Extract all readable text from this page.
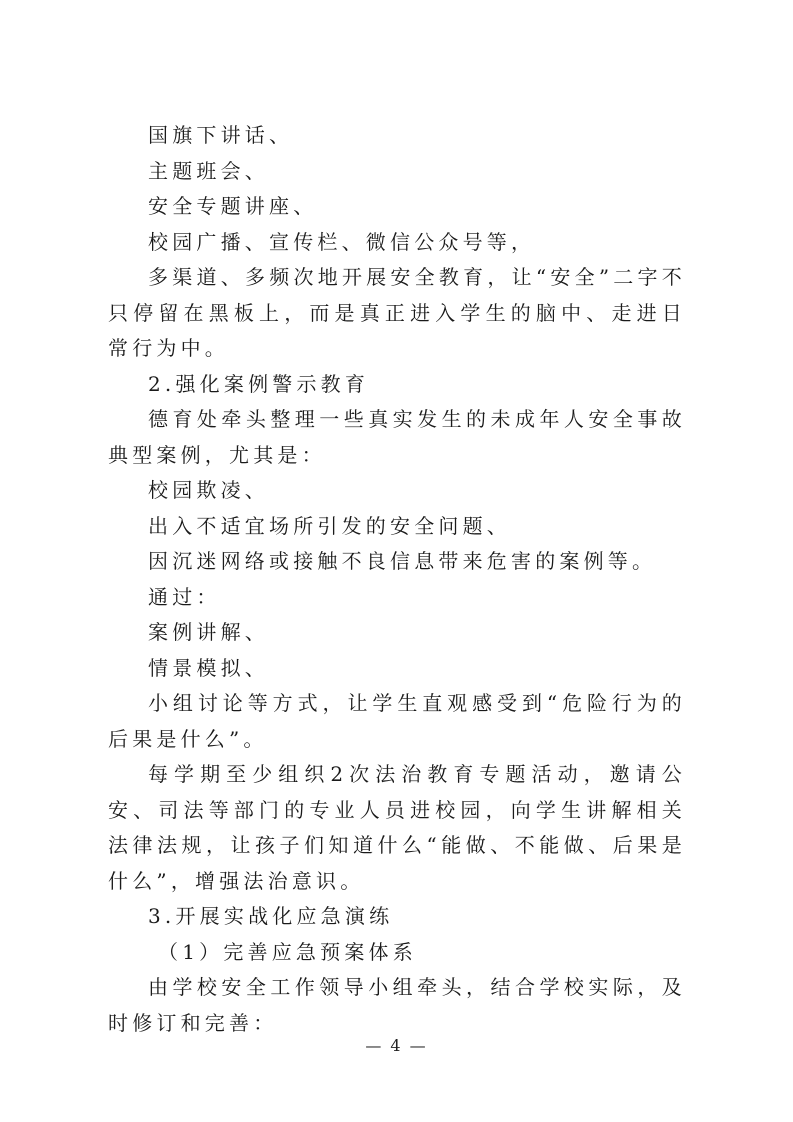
国旗下讲话、
主题班会、
安全专题讲座、
校园广播、宣传栏、微信公众号等，
多渠道、多频次地开展安全教育，让“安全”二字不只停留在黑板上，而是真正进入学生的脑中、走进日常行为中。
2.强化案例警示教育
德育处牵头整理一些真实发生的未成年人安全事故典型案例，尤其是：
校园欺凌、
出入不适宜场所引发的安全问题、
因沉迷网络或接触不良信息带来危害的案例等。
通过：
案例讲解、
情景模拟、
小组讨论等方式，让学生直观感受到“危险行为的后果是什么”。
每学期至少组织2次法治教育专题活动，邀请公安、司法等部门的专业人员进校园，向学生讲解相关法律法规，让孩子们知道什么“能做、不能做、后果是什么”，增强法治意识。
3.开展实战化应急演练
（1）完善应急预案体系
由学校安全工作领导小组牵头，结合学校实际，及时修订和完善：
— 4 —
